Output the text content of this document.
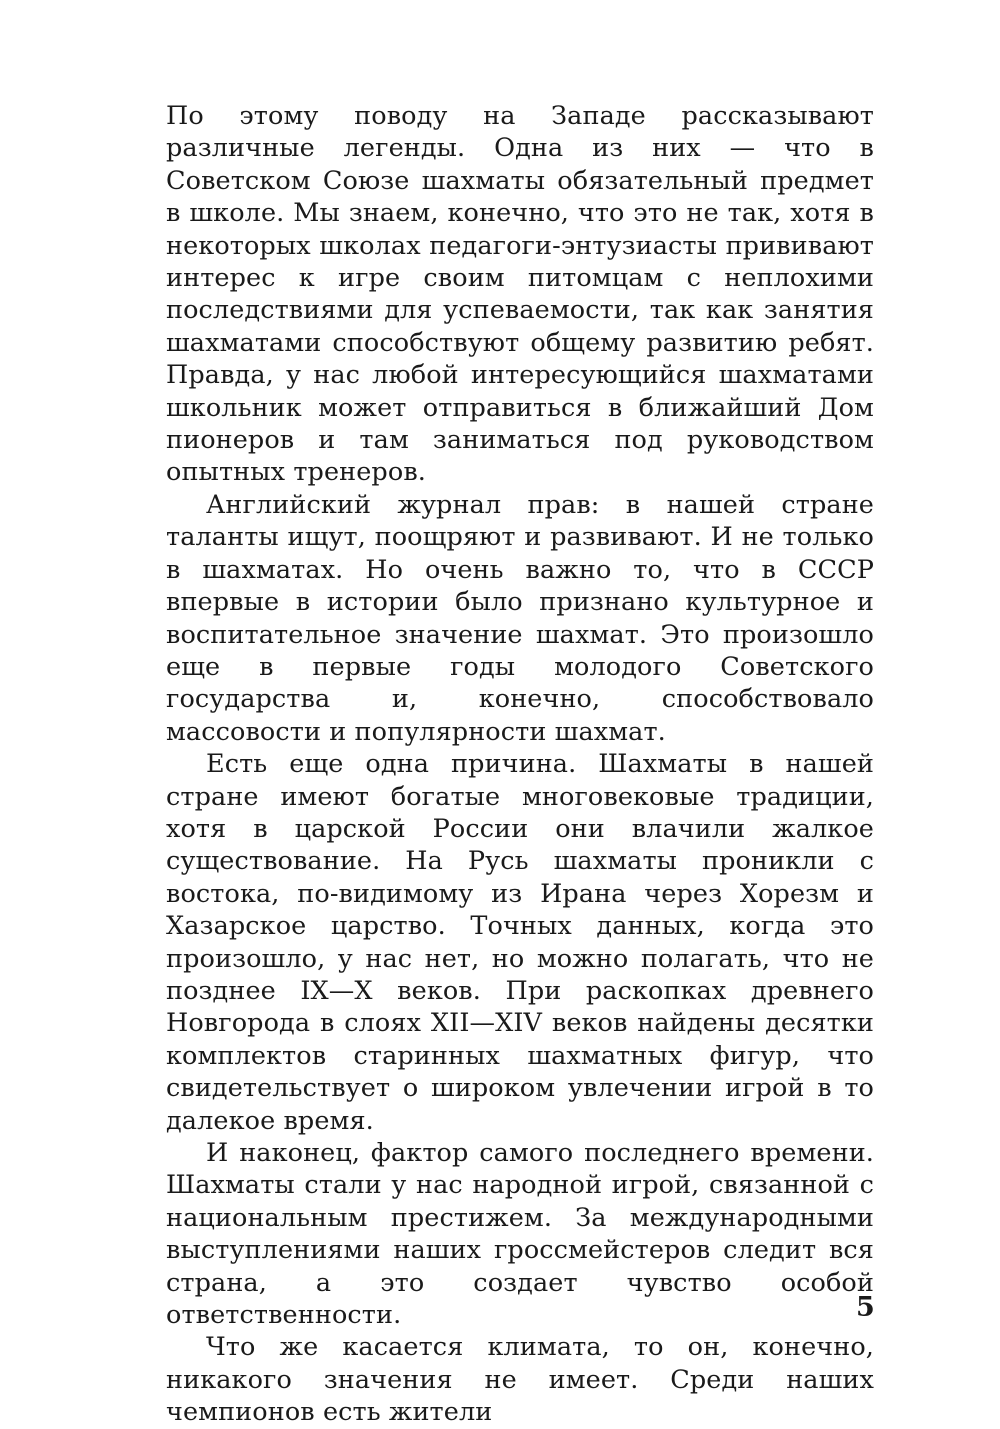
По этому поводу на Западе рассказывают различные легенды. Одна из них — что в Советском Союзе шахматы обязательный предмет в школе. Мы знаем, конечно, что это не так, хотя в некоторых школах педагоги-энтузиасты прививают интерес к игре своим питомцам с неплохими последствиями для успеваемости, так как занятия шахматами способствуют общему развитию ребят. Правда, у нас любой интересующийся шахматами школьник может отправиться в ближайший Дом пионеров и там заниматься под руководством опытных тренеров.

Английский журнал прав: в нашей стране таланты ищут, поощряют и развивают. И не только в шахматах. Но очень важно то, что в СССР впервые в истории было признано культурное и воспитательное значение шахмат. Это произошло еще в первые годы молодого Советского государства и, конечно, способствовало массовости и популярности шахмат.

Есть еще одна причина. Шахматы в нашей стране имеют богатые многовековые традиции, хотя в царской России они влачили жалкое существование. На Русь шахматы проникли с востока, по-видимому из Ирана через Хорезм и Хазарское царство. Точных данных, когда это произошло, у нас нет, но можно полагать, что не позднее IX—X веков. При раскопках древнего Новгорода в слоях XII—XIV веков найдены десятки комплектов старинных шахматных фигур, что свидетельствует о широком увлечении игрой в то далекое время.

И наконец, фактор самого последнего времени. Шахматы стали у нас народной игрой, связанной с национальным престижем. За международными выступлениями наших гроссмейстеров следит вся страна, а это создает чувство особой ответственности.

Что же касается климата, то он, конечно, никакого значения не имеет. Среди наших чемпионов есть жители

5
